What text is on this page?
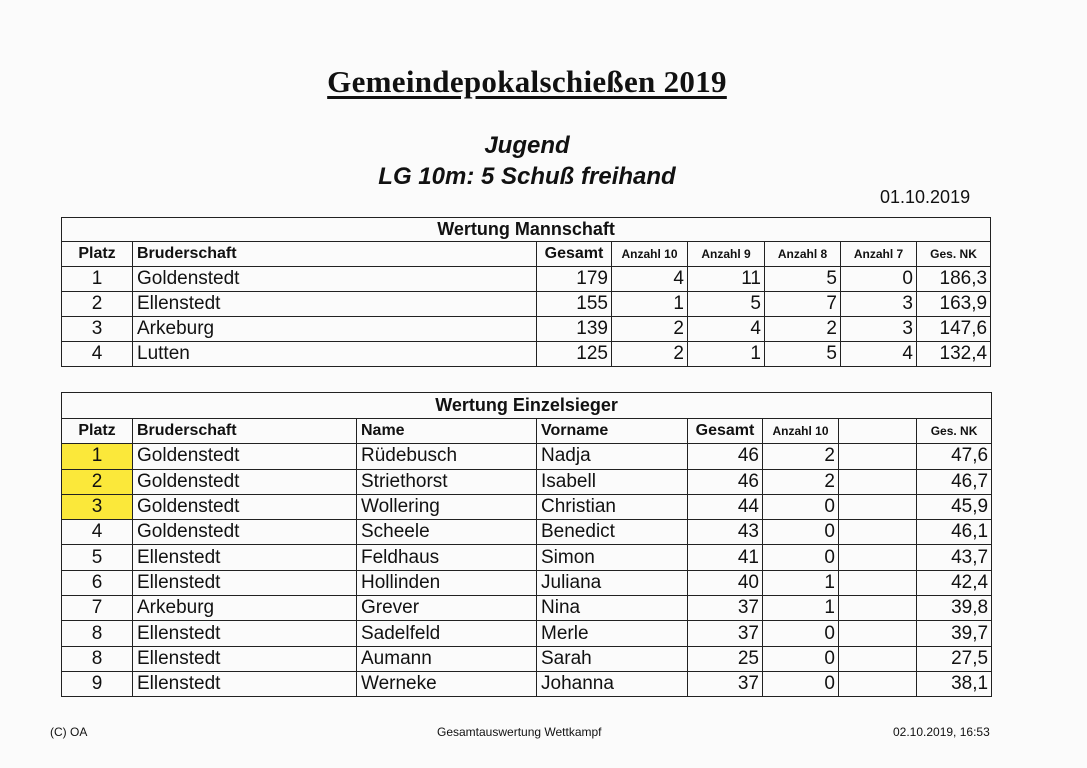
Gemeindepokalschießen 2019
Jugend
LG 10m: 5 Schuß freihand
01.10.2019
Wertung Mannschaft							
Platz	Bruderschaft	Gesamt	Anzahl 10	Anzahl 9	Anzahl 8	Anzahl 7	Ges. NK
1	Goldenstedt	179	4	11	5	0	186,3
2	Ellenstedt	155	1	5	7	3	163,9
3	Arkeburg	139	2	4	2	3	147,6
4	Lutten	125	2	1	5	4	132,4
Wertung Einzelsieger							
Platz	Bruderschaft	Name	Vorname	Gesamt	Anzahl 10		Ges. NK
1	Goldenstedt	Rüdebusch	Nadja	46	2		47,6
2	Goldenstedt	Striethorst	Isabell	46	2		46,7
3	Goldenstedt	Wollering	Christian	44	0		45,9
4	Goldenstedt	Scheele	Benedict	43	0		46,1
5	Ellenstedt	Feldhaus	Simon	41	0		43,7
6	Ellenstedt	Hollinden	Juliana	40	1		42,4
7	Arkeburg	Grever	Nina	37	1		39,8
8	Ellenstedt	Sadelfeld	Merle	37	0		39,7
8	Ellenstedt	Aumann	Sarah	25	0		27,5
9	Ellenstedt	Werneke	Johanna	37	0		38,1
(C) OA	Gesamtauswertung Wettkampf	02.10.2019, 16:53
